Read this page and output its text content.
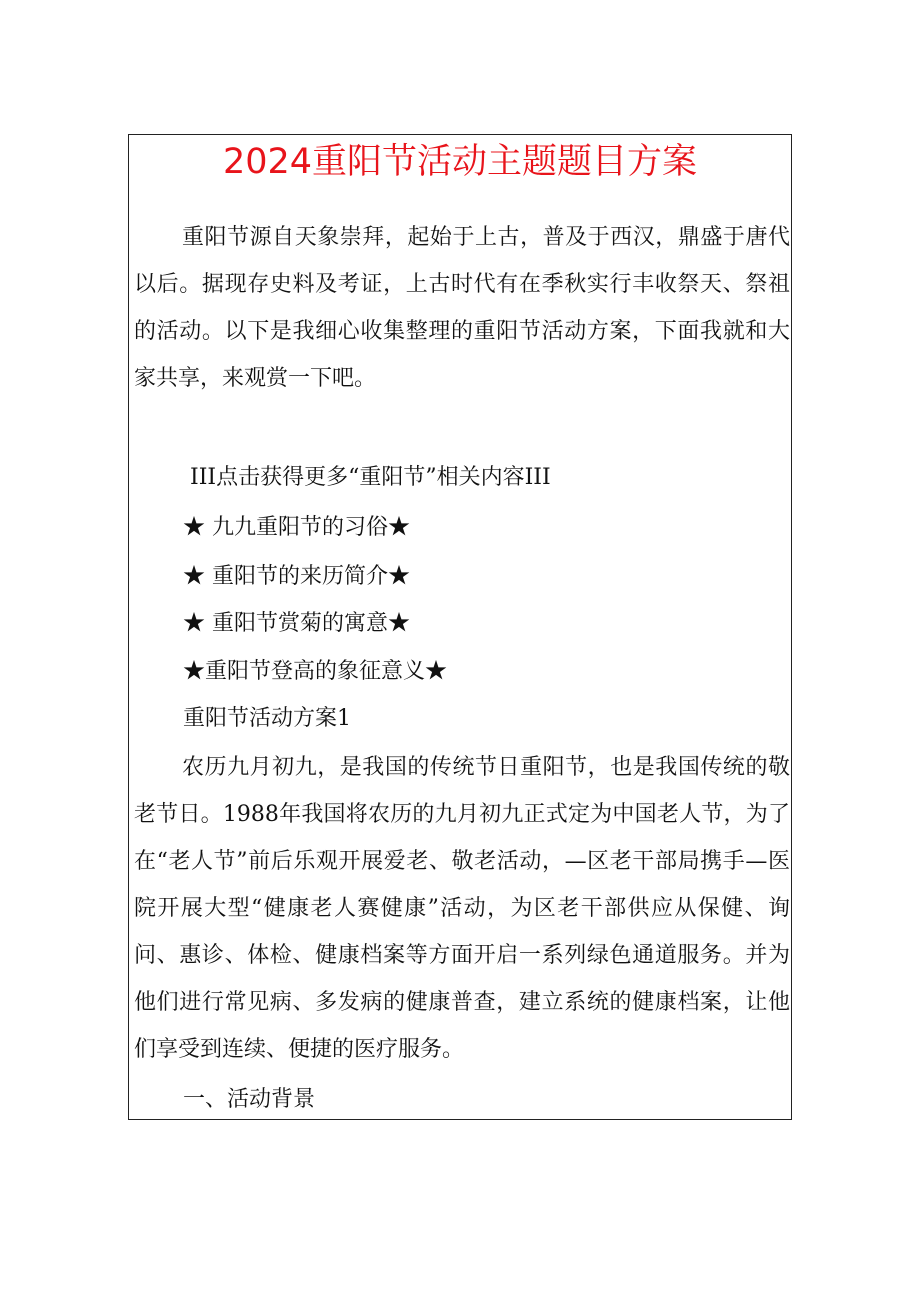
2024重阳节活动主题题目方案

重阳节源自天象崇拜，起始于上古，普及于西汉，鼎盛于唐代以后。据现存史料及考证，上古时代有在季秋实行丰收祭天、祭祖的活动。以下是我细心收集整理的重阳节活动方案，下面我就和大家共享，来观赏一下吧。

III点击获得更多“重阳节”相关内容III

★ 九九重阳节的习俗★

★ 重阳节的来历简介★

★ 重阳节赏菊的寓意★

★重阳节登高的象征意义★

重阳节活动方案1

农历九月初九，是我国的传统节日重阳节，也是我国传统的敬老节日。1988年我国将农历的九月初九正式定为中国老人节，为了在“老人节”前后乐观开展爱老、敬老活动，—区老干部局携手—医院开展大型“健康老人赛健康”活动，为区老干部供应从保健、询问、惠诊、体检、健康档案等方面开启一系列绿色通道服务。并为他们进行常见病、多发病的健康普查，建立系统的健康档案，让他们享受到连续、便捷的医疗服务。

一、活动背景
